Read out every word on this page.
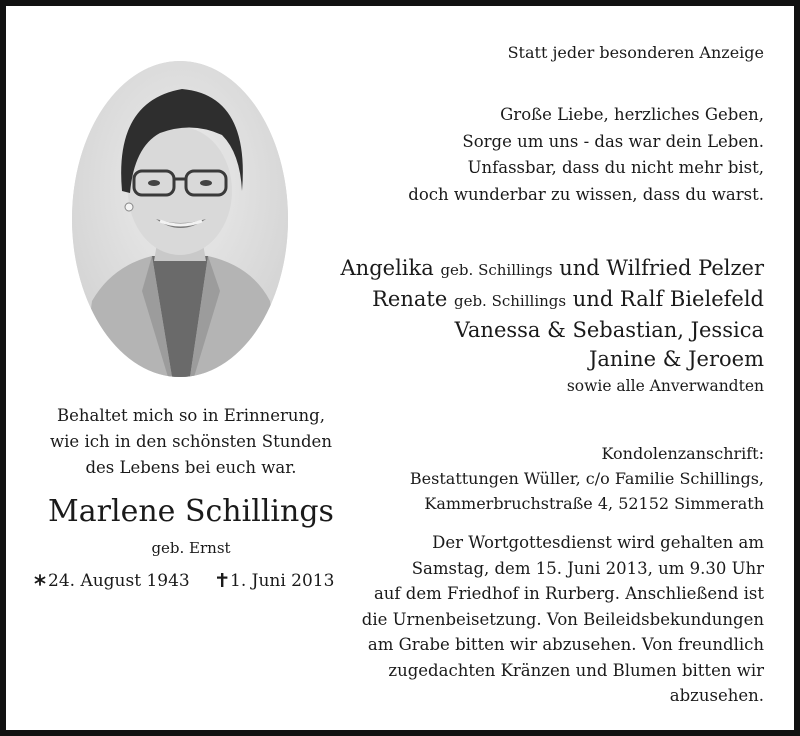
Statt jeder besonderen Anzeige
Große Liebe, herzliches Geben,
Sorge um uns - das war dein Leben.
Unfassbar, dass du nicht mehr bist,
doch wunderbar zu wissen, dass du warst.
Angelika geb. Schillings und Wilfried Pelzer
Renate geb. Schillings und Ralf Bielefeld
Vanessa & Sebastian, Jessica
Janine & Jeroem
sowie alle Anverwandten
Kondolenzanschrift:
Bestattungen Wüller, c/o Familie Schillings,
Kammerbruchstraße 4, 52152 Simmerath
Der Wortgottesdienst wird gehalten am
Samstag, dem 15. Juni 2013, um 9.30 Uhr
auf dem Friedhof in Rurberg. Anschließend ist
die Urnenbeisetzung. Von Beileidsbekundungen
am Grabe bitten wir abzusehen. Von freundlich
zugedachten Kränzen und Blumen bitten wir
abzusehen.
Behaltet mich so in Erinnerung,
wie ich in den schönsten Stunden
des Lebens bei euch war.
Marlene Schillings
geb. Ernst
24. August 1943	1. Juni 2013
